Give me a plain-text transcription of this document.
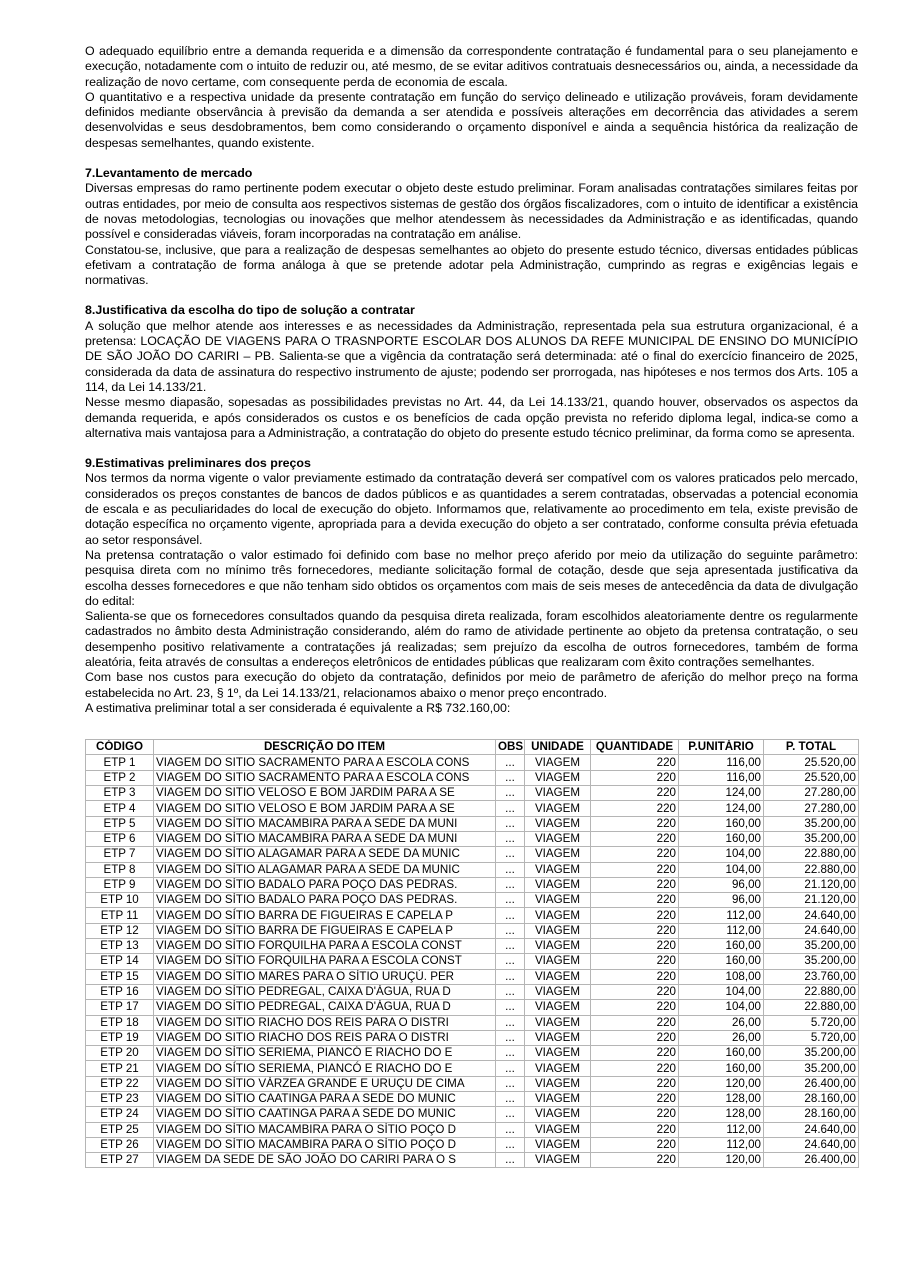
O adequado equilíbrio entre a demanda requerida e a dimensão da correspondente contratação é fundamental para o seu planejamento e execução, notadamente com o intuito de reduzir ou, até mesmo, de se evitar aditivos contratuais desnecessários ou, ainda, a necessidade da realização de novo certame, com consequente perda de economia de escala.

O quantitativo e a respectiva unidade da presente contratação em função do serviço delineado e utilização prováveis, foram devidamente definidos mediante observância à previsão da demanda a ser atendida e possíveis alterações em decorrência das atividades a serem desenvolvidas e seus desdobramentos, bem como considerando o orçamento disponível e ainda a sequência histórica da realização de despesas semelhantes, quando existente.

7.Levantamento de mercado

Diversas empresas do ramo pertinente podem executar o objeto deste estudo preliminar. Foram analisadas contratações similares feitas por outras entidades, por meio de consulta aos respectivos sistemas de gestão dos órgãos fiscalizadores, com o intuito de identificar a existência de novas metodologias, tecnologias ou inovações que melhor atendessem às necessidades da Administração e as identificadas, quando possível e consideradas viáveis, foram incorporadas na contratação em análise.

Constatou-se, inclusive, que para a realização de despesas semelhantes ao objeto do presente estudo técnico, diversas entidades públicas efetivam a contratação de forma análoga à que se pretende adotar pela Administração, cumprindo as regras e exigências legais e normativas.

8.Justificativa da escolha do tipo de solução a contratar

A solução que melhor atende aos interesses e as necessidades da Administração, representada pela sua estrutura organizacional, é a pretensa: LOCAÇÃO DE VIAGENS PARA O TRASNPORTE ESCOLAR DOS ALUNOS DA REFE MUNICIPAL DE ENSINO DO MUNICÍPIO DE SÃO JOÃO DO CARIRI – PB. Salienta-se que a vigência da contratação será determinada: até o final do exercício financeiro de 2025, considerada da data de assinatura do respectivo instrumento de ajuste; podendo ser prorrogada, nas hipóteses e nos termos dos Arts. 105 a 114, da Lei 14.133/21.

Nesse mesmo diapasão, sopesadas as possibilidades previstas no Art. 44, da Lei 14.133/21, quando houver, observados os aspectos da demanda requerida, e após considerados os custos e os benefícios de cada opção prevista no referido diploma legal, indica-se como a alternativa mais vantajosa para a Administração, a contratação do objeto do presente estudo técnico preliminar, da forma como se apresenta.

9.Estimativas preliminares dos preços

Nos termos da norma vigente o valor previamente estimado da contratação deverá ser compatível com os valores praticados pelo mercado, considerados os preços constantes de bancos de dados públicos e as quantidades a serem contratadas, observadas a potencial economia de escala e as peculiaridades do local de execução do objeto. Informamos que, relativamente ao procedimento em tela, existe previsão de dotação específica no orçamento vigente, apropriada para a devida execução do objeto a ser contratado, conforme consulta prévia efetuada ao setor responsável.

Na pretensa contratação o valor estimado foi definido com base no melhor preço aferido por meio da utilização do seguinte parâmetro: pesquisa direta com no mínimo três fornecedores, mediante solicitação formal de cotação, desde que seja apresentada justificativa da escolha desses fornecedores e que não tenham sido obtidos os orçamentos com mais de seis meses de antecedência da data de divulgação do edital:

Salienta-se que os fornecedores consultados quando da pesquisa direta realizada, foram escolhidos aleatoriamente dentre os regularmente cadastrados no âmbito desta Administração considerando, além do ramo de atividade pertinente ao objeto da pretensa contratação, o seu desempenho positivo relativamente a contratações já realizadas; sem prejuízo da escolha de outros fornecedores, também de forma aleatória, feita através de consultas a endereços eletrônicos de entidades públicas que realizaram com êxito contrações semelhantes.

Com base nos custos para execução do objeto da contratação, definidos por meio de parâmetro de aferição do melhor preço na forma estabelecida no Art. 23, § 1º, da Lei 14.133/21, relacionamos abaixo o menor preço encontrado.

A estimativa preliminar total a ser considerada é equivalente a R$ 732.160,00:

CÓDIGO	DESCRIÇÃO DO ITEM	OBS	UNIDADE	QUANTIDADE	P.UNITÁRIO	P. TOTAL
ETP 1	VIAGEM DO SITIO SACRAMENTO PARA A ESCOLA CONS	...	VIAGEM	220	116,00	25.520,00
ETP 2	VIAGEM DO SITIO SACRAMENTO PARA A ESCOLA CONS	...	VIAGEM	220	116,00	25.520,00
ETP 3	VIAGEM DO SITIO VELOSO E BOM JARDIM PARA A SE	...	VIAGEM	220	124,00	27.280,00
ETP 4	VIAGEM DO SITIO VELOSO E BOM JARDIM PARA A SE	...	VIAGEM	220	124,00	27.280,00
ETP 5	VIAGEM DO SÍTIO MACAMBIRA PARA A SEDE DA MUNI	...	VIAGEM	220	160,00	35.200,00
ETP 6	VIAGEM DO SÍTIO MACAMBIRA PARA A SEDE DA MUNI	...	VIAGEM	220	160,00	35.200,00
ETP 7	VIAGEM DO SÍTIO ALAGAMAR PARA A SEDE DA MUNIC	...	VIAGEM	220	104,00	22.880,00
ETP 8	VIAGEM DO SÍTIO ALAGAMAR PARA A SEDE DA MUNIC	...	VIAGEM	220	104,00	22.880,00
ETP 9	VIAGEM DO SÍTIO BADALO PARA POÇO DAS PEDRAS.	...	VIAGEM	220	96,00	21.120,00
ETP 10	VIAGEM DO SÍTIO BADALO PARA POÇO DAS PEDRAS.	...	VIAGEM	220	96,00	21.120,00
ETP 11	VIAGEM DO SÍTIO BARRA DE FIGUEIRAS E CAPELA P	...	VIAGEM	220	112,00	24.640,00
ETP 12	VIAGEM DO SÍTIO BARRA DE FIGUEIRAS E CAPELA P	...	VIAGEM	220	112,00	24.640,00
ETP 13	VIAGEM DO SÍTIO FORQUILHA PARA A ESCOLA CONST	...	VIAGEM	220	160,00	35.200,00
ETP 14	VIAGEM DO SÍTIO FORQUILHA PARA A ESCOLA CONST	...	VIAGEM	220	160,00	35.200,00
ETP 15	VIAGEM DO SÍTIO MARES PARA O SÍTIO URUÇÚ. PER	...	VIAGEM	220	108,00	23.760,00
ETP 16	VIAGEM DO SÍTIO PEDREGAL, CAIXA D'ÁGUA, RUA D	...	VIAGEM	220	104,00	22.880,00
ETP 17	VIAGEM DO SÍTIO PEDREGAL, CAIXA D'ÁGUA, RUA D	...	VIAGEM	220	104,00	22.880,00
ETP 18	VIAGEM DO SITIO RIACHO DOS REIS PARA O DISTRI	...	VIAGEM	220	26,00	5.720,00
ETP 19	VIAGEM DO SITIO RIACHO DOS REIS PARA O DISTRI	...	VIAGEM	220	26,00	5.720,00
ETP 20	VIAGEM DO SÍTIO SERIEMA, PIANCÓ E RIACHO DO E	...	VIAGEM	220	160,00	35.200,00
ETP 21	VIAGEM DO SÍTIO SERIEMA, PIANCÓ E RIACHO DO E	...	VIAGEM	220	160,00	35.200,00
ETP 22	VIAGEM DO SÍTIO VÁRZEA GRANDE E URUÇU DE CIMA	...	VIAGEM	220	120,00	26.400,00
ETP 23	VIAGEM DO SÍTIO CAATINGA PARA A SEDE DO MUNIC	...	VIAGEM	220	128,00	28.160,00
ETP 24	VIAGEM DO SÍTIO CAATINGA PARA A SEDE DO MUNIC	...	VIAGEM	220	128,00	28.160,00
ETP 25	VIAGEM DO SÍTIO MACAMBIRA PARA O SÍTIO POÇO D	...	VIAGEM	220	112,00	24.640,00
ETP 26	VIAGEM DO SÍTIO MACAMBIRA PARA O SÍTIO POÇO D	...	VIAGEM	220	112,00	24.640,00
ETP 27	VIAGEM DA SEDE DE SÃO JOÃO DO CARIRI PARA O S	...	VIAGEM	220	120,00	26.400,00
